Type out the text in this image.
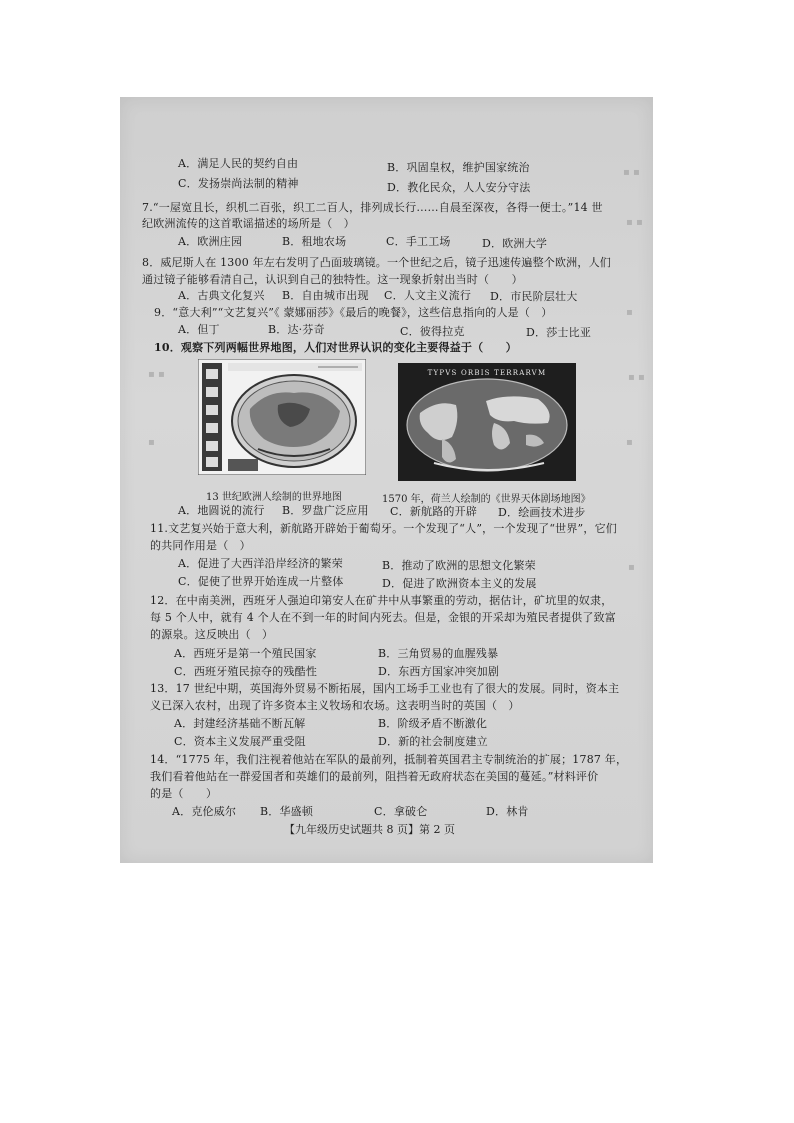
▪ ▪
▪ ▪
▪
▪ ▪
▪
▪
▪ ▪
▪
A．满足人民的契约自由	B．巩固皇权，维护国家统治
C．发扬崇尚法制的精神	D．教化民众，人人安分守法
7.“一屋宽且长，织机二百张，织工二百人，排列成长行……自晨至深夜，各得一便士。”14 世
纪欧洲流传的这首歌谣描述的场所是（　）
A．欧洲庄园	B．租地农场	C．手工工场	D．欧洲大学
8．威尼斯人在 1300 年左右发明了凸面玻璃镜。一个世纪之后，镜子迅速传遍整个欧洲，人们
通过镜子能够看清自己，认识到自己的独特性。这一现象折射出当时（　　）
A．古典文化复兴 B．自由城市出现 C．人文主义流行 D．市民阶层壮大
9．“意大利”“文艺复兴”《 蒙娜丽莎》《最后的晚餐》，这些信息指向的人是（　）
A．但丁	B．达·芬奇	C．彼得拉克	D．莎士比亚
10．观察下列两幅世界地图，人们对世界认识的变化主要得益于（　　）
TYPVS ORBIS TERRARVM
13 世纪欧洲人绘制的世界地图	1570 年，荷兰人绘制的《世界天体剧场地图》
A．地圆说的流行 B．罗盘广泛应用 C．新航路的开辟 D．绘画技术进步
11.文艺复兴始于意大利，新航路开辟始于葡萄牙。一个发现了“人”，一个发现了“世界”，它们
的共同作用是（　）
A．促进了大西洋沿岸经济的繁荣	B．推动了欧洲的思想文化繁荣
C．促使了世界开始连成一片整体	D．促进了欧洲资本主义的发展
12．在中南美洲，西班牙人强迫印第安人在矿井中从事繁重的劳动，据估计，矿坑里的奴隶，
每 5 个人中，就有 4 个人在不到一年的时间内死去。但是，金银的开采却为殖民者提供了致富
的源泉。这反映出（　）
A．西班牙是第一个殖民国家	B．三角贸易的血腥残暴
C．西班牙殖民掠夺的残酷性	D．东西方国家冲突加剧
13．17 世纪中期，英国海外贸易不断拓展，国内工场手工业也有了很大的发展。同时，资本主
义已深入农村，出现了许多资本主义牧场和农场。这表明当时的英国（　）
A．封建经济基础不断瓦解	B．阶级矛盾不断激化
C．资本主义发展严重受阻	D．新的社会制度建立
14．“1775 年，我们注视着他站在军队的最前列，抵制着英国君主专制统治的扩展；1787 年，
我们看着他站在一群爱国者和英雄们的最前列，阻挡着无政府状态在美国的蔓延。”材料评价
的是（　　）
A．克伦威尔 B．华盛顿	C．拿破仑	D．林肯
【九年级历史试题共 8 页】第 2 页
